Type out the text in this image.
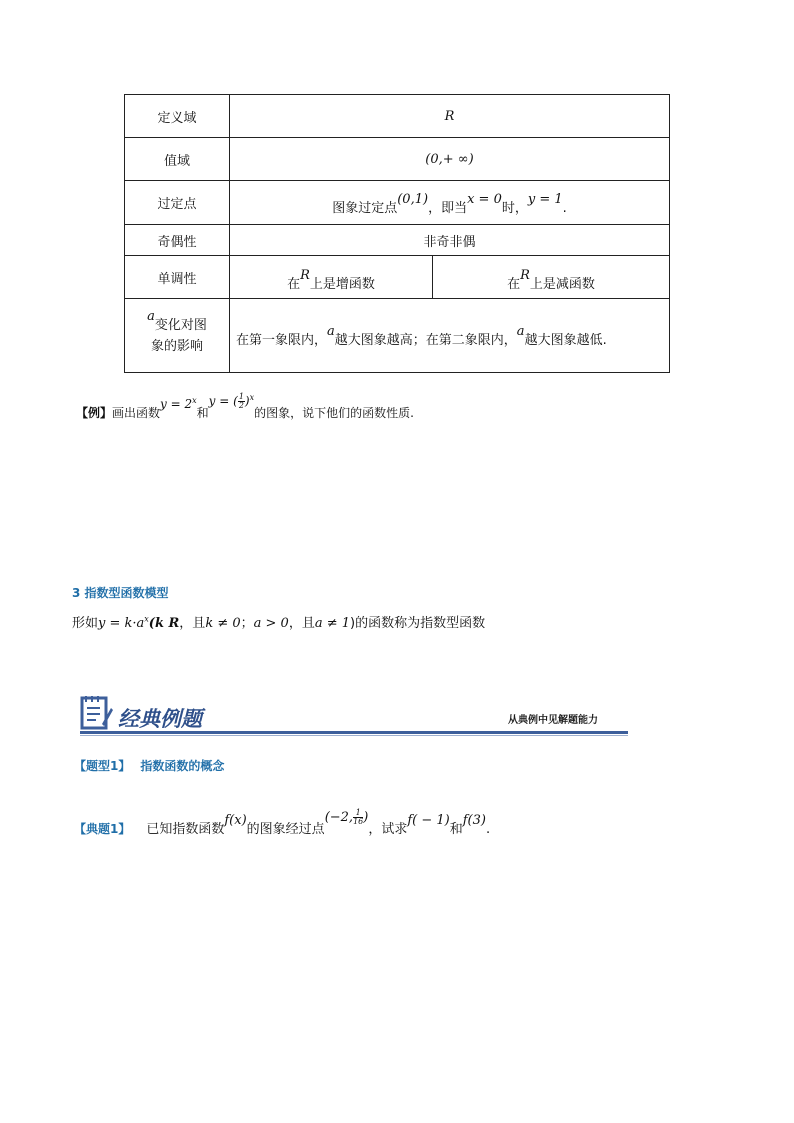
定义域	R	
值域	(0,+ ∞)	
过定点	图象过定点(0,1)，即当x = 0时，y = 1.	
奇偶性	非奇非偶	
单调性	在R上是增函数	在R上是减函数
a变化对图
象的影响	在第一象限内，a越大图象越高；在第二象限内，a越大图象越低.	
【例】画出函数$y = 2^x$和y = ( $\frac{1}{2} )^x$的图象，说下他们的函数性质.
3 指数型函数模型
形如$y = k\cdot a^x(k$ R，且k ≠ 0；a > 0，且a ≠ 1)的函数称为指数型函数
经典例题	从典例中见解题能力
【题型1】 指数函数的概念
【典题1】 已知指数函数f(x)的图象经过点(−2, $\frac{1}{16}$ )，试求f( − 1)和f(3).
